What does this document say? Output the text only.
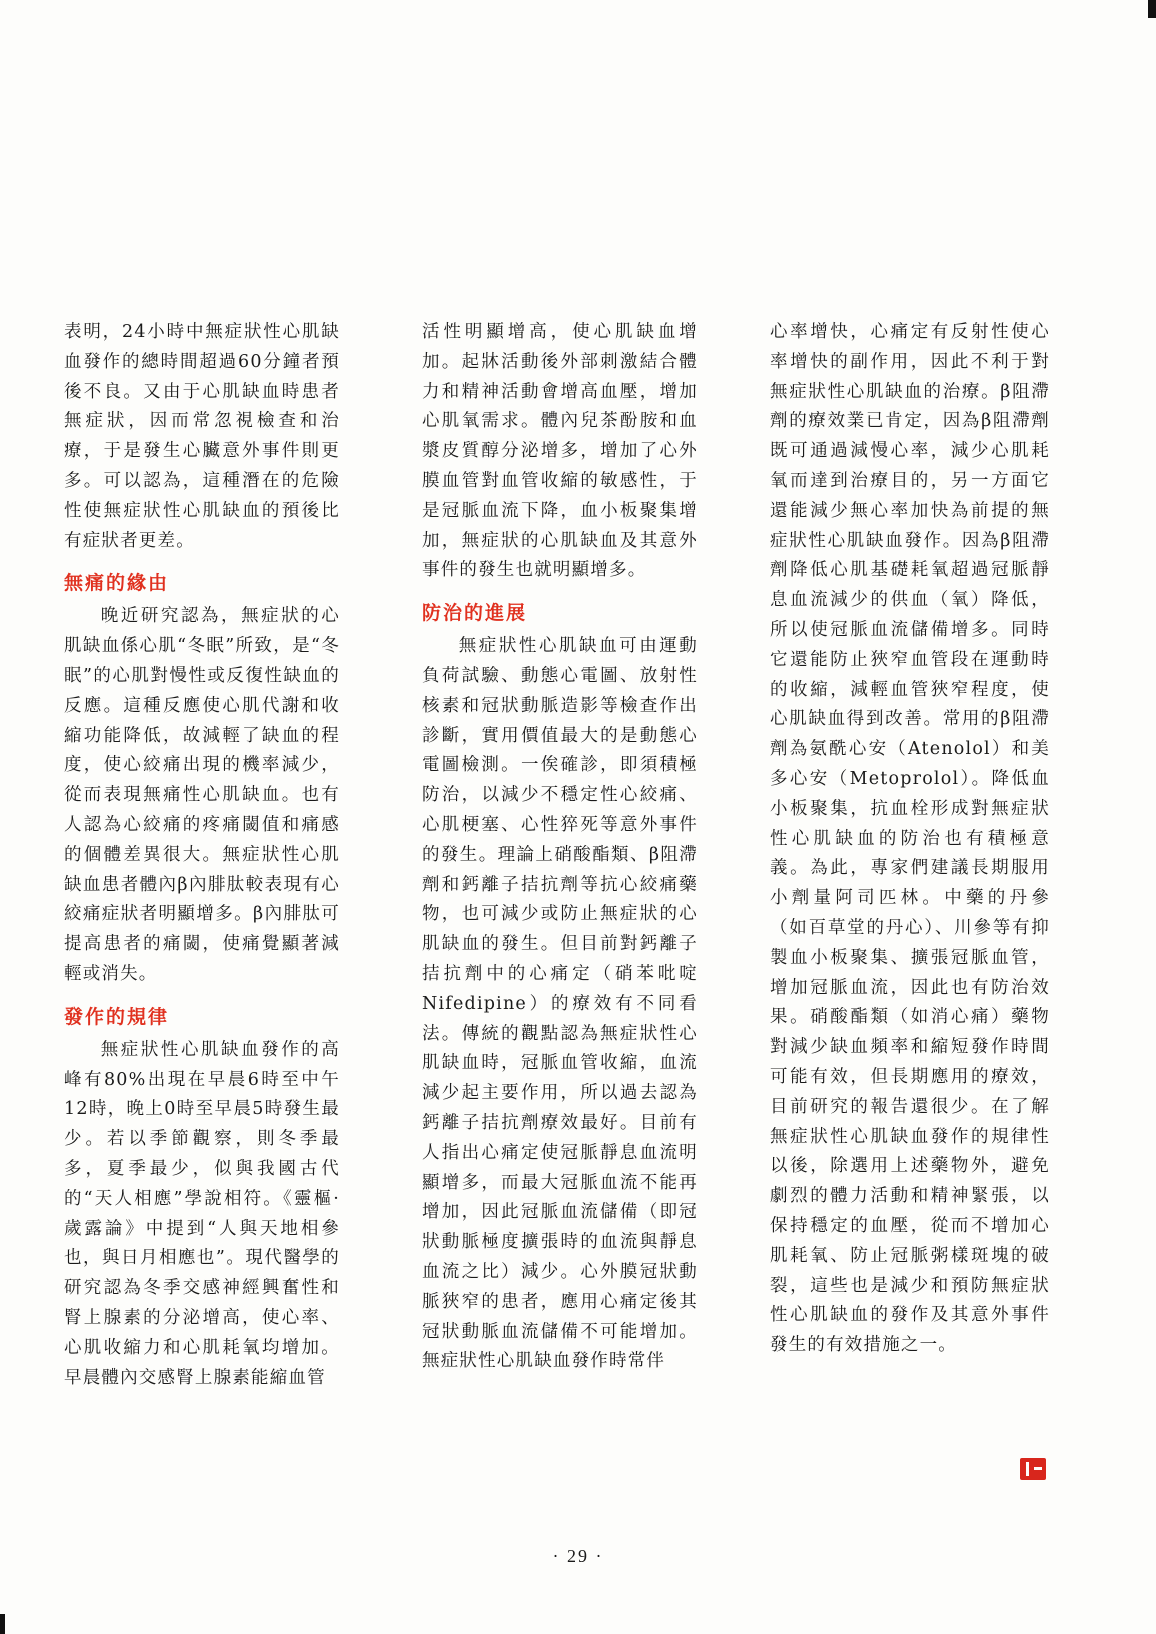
表明，24小時中無症狀性心肌缺血發作的總時間超過60分鐘者預後不良。又由于心肌缺血時患者無症狀，因而常忽視檢查和治療，于是發生心臟意外事件則更多。可以認為，這種潛在的危險性使無症狀性心肌缺血的預後比有症狀者更差。

無痛的緣由

晚近研究認為，無症狀的心肌缺血係心肌“冬眠”所致，是“冬眠”的心肌對慢性或反復性缺血的反應。這種反應使心肌代謝和收縮功能降低，故減輕了缺血的程度，使心絞痛出現的機率減少，從而表現無痛性心肌缺血。也有人認為心絞痛的疼痛閾值和痛感的個體差異很大。無症狀性心肌缺血患者體內β內腓肽較表現有心絞痛症狀者明顯增多。β內腓肽可提高患者的痛閾，使痛覺顯著減輕或消失。

發作的規律

無症狀性心肌缺血發作的高峰有80%出現在早晨6時至中午12時，晚上0時至早晨5時發生最少。若以季節觀察，則冬季最多，夏季最少，似與我國古代的“天人相應”學說相符。《靈樞·歲露論》中提到“人與天地相參也，與日月相應也”。現代醫學的研究認為冬季交感神經興奮性和腎上腺素的分泌增高，使心率、心肌收縮力和心肌耗氧均增加。早晨體內交感腎上腺素能縮血管

活性明顯增高，使心肌缺血增加。起牀活動後外部刺激結合體力和精神活動會增高血壓，增加心肌氧需求。體內兒茶酚胺和血漿皮質醇分泌增多，增加了心外膜血管對血管收縮的敏感性，于是冠脈血流下降，血小板聚集增加，無症狀的心肌缺血及其意外事件的發生也就明顯增多。

防治的進展

無症狀性心肌缺血可由運動負荷試驗、動態心電圖、放射性核素和冠狀動脈造影等檢查作出診斷，實用價值最大的是動態心電圖檢測。一俟確診，即須積極防治，以減少不穩定性心絞痛、心肌梗塞、心性猝死等意外事件的發生。理論上硝酸酯類、β阻滯劑和鈣離子拮抗劑等抗心絞痛藥物，也可減少或防止無症狀的心肌缺血的發生。但目前對鈣離子拮抗劑中的心痛定（硝苯吡啶Nifedipine）的療效有不同看法。傳統的觀點認為無症狀性心肌缺血時，冠脈血管收縮，血流減少起主要作用，所以過去認為鈣離子拮抗劑療效最好。目前有人指出心痛定使冠脈靜息血流明顯增多，而最大冠脈血流不能再增加，因此冠脈血流儲備（即冠狀動脈極度擴張時的血流與靜息血流之比）減少。心外膜冠狀動脈狹窄的患者，應用心痛定後其冠狀動脈血流儲備不可能增加。無症狀性心肌缺血發作時常伴

心率增快，心痛定有反射性使心率增快的副作用，因此不利于對無症狀性心肌缺血的治療。β阻滯劑的療效業已肯定，因為β阻滯劑既可通過減慢心率，減少心肌耗氧而達到治療目的，另一方面它還能減少無心率加快為前提的無症狀性心肌缺血發作。因為β阻滯劑降低心肌基礎耗氧超過冠脈靜息血流減少的供血（氧）降低，所以使冠脈血流儲備增多。同時它還能防止狹窄血管段在運動時的收縮，減輕血管狹窄程度，使心肌缺血得到改善。常用的β阻滯劑為氨酰心安（Atenolol）和美多心安（Metoprolol）。降低血小板聚集，抗血栓形成對無症狀性心肌缺血的防治也有積極意義。為此，專家們建議長期服用小劑量阿司匹林。中藥的丹參（如百草堂的丹心）、川參等有抑製血小板聚集、擴張冠脈血管，增加冠脈血流，因此也有防治效果。硝酸酯類（如消心痛）藥物對減少缺血頻率和縮短發作時間可能有效，但長期應用的療效，目前研究的報告還很少。在了解無症狀性心肌缺血發作的規律性以後，除選用上述藥物外，避免劇烈的體力活動和精神緊張，以保持穩定的血壓，從而不增加心肌耗氧、防止冠脈粥樣斑塊的破裂，這些也是減少和預防無症狀性心肌缺血的發作及其意外事件發生的有效措施之一。

· 29 ·
